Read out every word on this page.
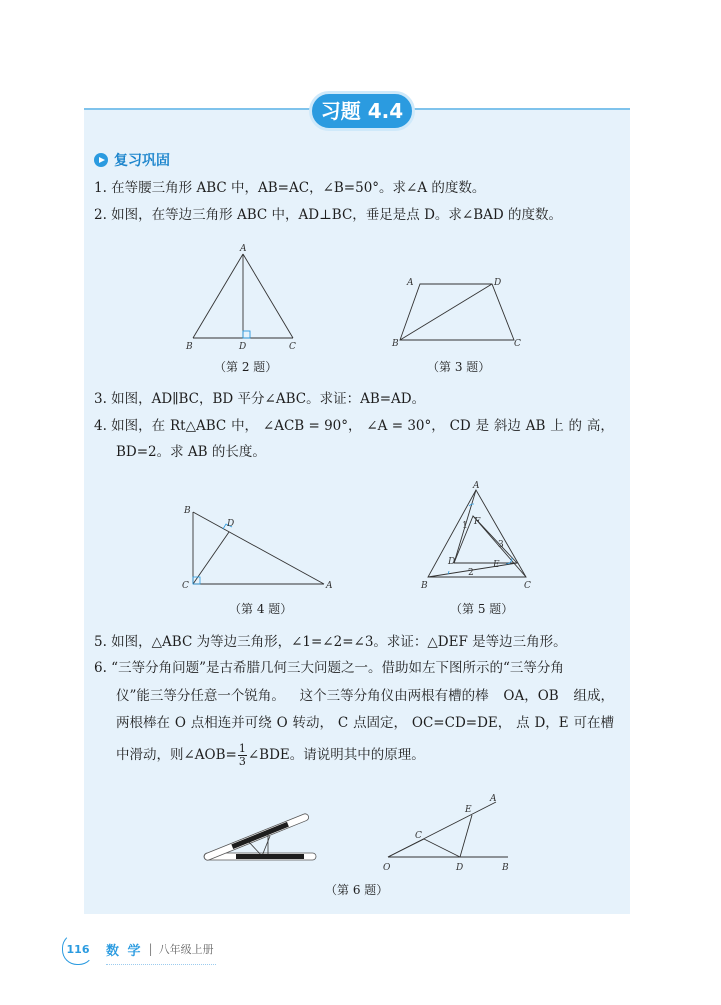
习题 4.4
复习巩固
1. 在等腰三角形 ABC 中，AB=AC，∠B=50°。求∠A 的度数。
2. 如图，在等边三角形 ABC 中，AD⊥BC，垂足是点 D。求∠BAD 的度数。
A
B	D	C
（第 2 题）
A	D
B	C
（第 3 题）
3. 如图，AD∥BC，BD 平分∠ABC。求证：AB=AD。
4. 如图，在 Rt△ABC 中， ∠ACB = 90°， ∠A = 30°， CD 是 斜边 AB 上 的 高，
BD=2。求 AB 的长度。
B
D
C	A
（第 4 题）
A
F
1
3
D
2
E
B	C
（第 5 题）
5. 如图，△ABC 为等边三角形，∠1=∠2=∠3。求证：△DEF 是等边三角形。
6. “三等分角问题”是古希腊几何三大问题之一。借助如左下图所示的“三等分角
仪”能三等分任意一个锐角。 这个三等分角仪由两根有槽的棒 OA，OB 组成，
两根棒在 O 点相连并可绕 O 转动， C 点固定， OC=CD=DE， 点 D，E 可在槽
中滑动，则∠AOB= $\frac{1}{3}$ ∠BDE。请说明其中的原理。
A
E
C
O	D	B
（第 6 题）
116	数 学 | 八年级上册
